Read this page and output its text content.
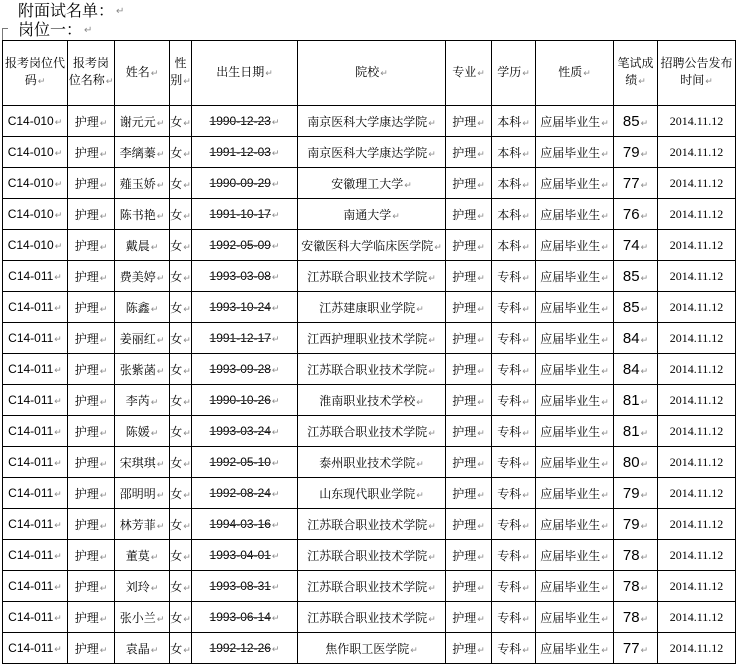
附面试名单： ↵
岗位一： ↵
报考岗位代码↵	报考岗位名称↵	姓名↵	性别↵	出生日期↵	院校↵	专业↵	学历↵	性质↵	笔试成绩↵	招聘公告发布时间↵
C14-010↵	护理↵	谢元元↵	女↵	1990-12-23↵	南京医科大学康达学院↵	护理↵	本科↵	应届毕业生↵	85↵	2014.11.12
C14-010↵	护理↵	李缡蓁↵	女↵	1991-12-03↵	南京医科大学康达学院↵	护理↵	本科↵	应届毕业生↵	79↵	2014.11.12
C14-010↵	护理↵	薤玉娇↵	女↵	1990-09-29↵	安徽理工大学↵	护理↵	本科↵	应届毕业生↵	77↵	2014.11.12
C14-010↵	护理↵	陈书艳↵	女↵	1991-10-17↵	南通大学↵	护理↵	本科↵	应届毕业生↵	76↵	2014.11.12
C14-010↵	护理↵	戴晨↵	女↵	1992-05-09↵	安徽医科大学临床医学院↵	护理↵	本科↵	应届毕业生↵	74↵	2014.11.12
C14-011↵	护理↵	费美婷↵	女↵	1993-03-08↵	江苏联合职业技术学院↵	护理↵	专科↵	应届毕业生↵	85↵	2014.11.12
C14-011↵	护理↵	陈鑫↵	女↵	1993-10-24↵	江苏建康职业学院↵	护理↵	专科↵	应届毕业生↵	85↵	2014.11.12
C14-011↵	护理↵	姜丽红↵	女↵	1991-12-17↵	江西护理职业技术学院↵	护理↵	专科↵	应届毕业生↵	84↵	2014.11.12
C14-011↵	护理↵	张紫菡↵	女↵	1993-09-28↵	江苏联合职业技术学院↵	护理↵	专科↵	应届毕业生↵	84↵	2014.11.12
C14-011↵	护理↵	李芮↵	女↵	1990-10-26↵	淮南职业技术学校↵	护理↵	专科↵	应届毕业生↵	81↵	2014.11.12
C14-011↵	护理↵	陈媛↵	女↵	1993-03-24↵	江苏联合职业技术学院↵	护理↵	专科↵	应届毕业生↵	81↵	2014.11.12
C14-011↵	护理↵	宋琪琪↵	女↵	1992-05-10↵	泰州职业技术学院↵	护理↵	专科↵	应届毕业生↵	80↵	2014.11.12
C14-011↵	护理↵	邵明明↵	女↵	1992-08-24↵	山东现代职业学院↵	护理↵	专科↵	应届毕业生↵	79↵	2014.11.12
C14-011↵	护理↵	林芳菲↵	女↵	1994-03-16↵	江苏联合职业技术学院↵	护理↵	专科↵	应届毕业生↵	79↵	2014.11.12
C14-011↵	护理↵	董莫↵	女↵	1993-04-01↵	江苏联合职业技术学院↵	护理↵	专科↵	应届毕业生↵	78↵	2014.11.12
C14-011↵	护理↵	刘玲↵	女↵	1993-08-31↵	江苏联合职业技术学院↵	护理↵	专科↵	应届毕业生↵	78↵	2014.11.12
C14-011↵	护理↵	张小兰↵	女↵	1993-06-14↵	江苏联合职业技术学院↵	护理↵	专科↵	应届毕业生↵	78↵	2014.11.12
C14-011↵	护理↵	袁晶↵	女↵	1992-12-26↵	焦作职工医学院↵	护理↵	专科↵	应届毕业生↵	77↵	2014.11.12
